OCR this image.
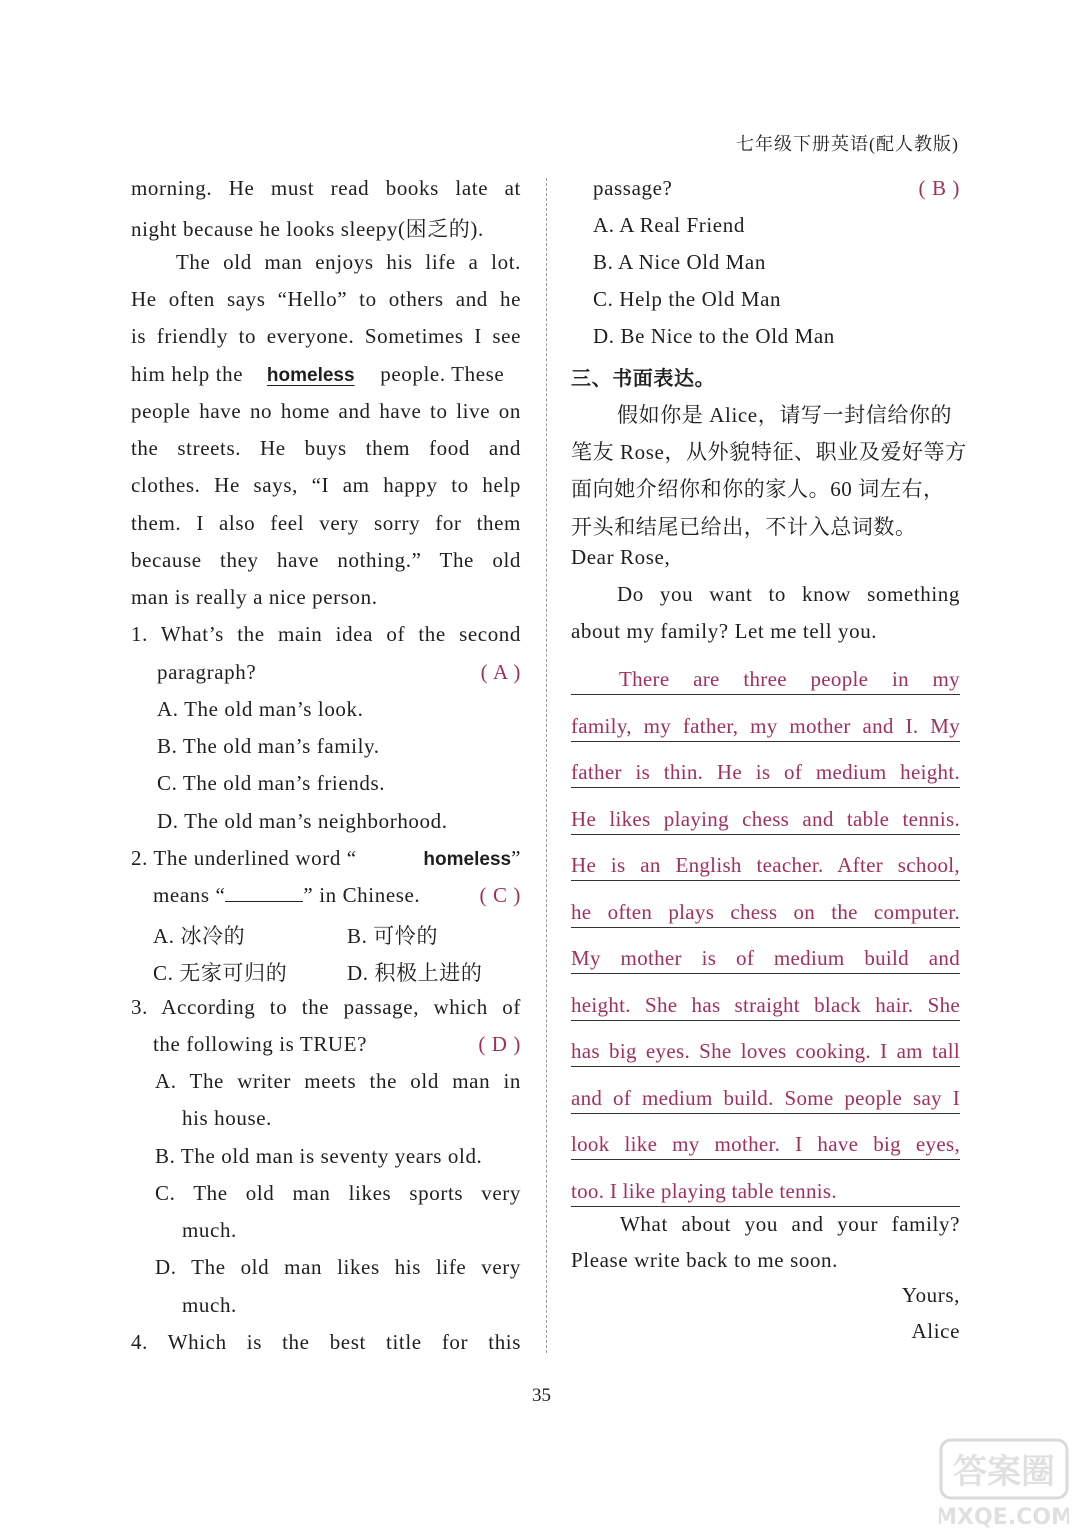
七年级下册英语(配人教版)
morning. He must read books late at
night because he looks sleepy(困乏的).
The old man enjoys his life a lot.
He often says “Hello” to others and he
is friendly to everyone. Sometimes I see
him help the homeless people. These
people have no home and have to live on
the streets. He buys them food and
clothes. He says, “I am happy to help
them. I also feel very sorry for them
because they have nothing.” The old
man is really a nice person.
1. What’s the main idea of the second
paragraph?	( A )
A. The old man’s look.
B. The old man’s family.
C. The old man’s friends.
D. The old man’s neighborhood.
2. The underlined word “	homeless”
means “	” in Chinese.	( C )
A. 冰冷的	B. 可怜的
C. 无家可归的	D. 积极上进的
3. According to the passage, which of
the following is TRUE?	( D )
A. The writer meets the old man in
his house.
B. The old man is seventy years old.
C. The old man likes sports very
much.
D. The old man likes his life very
much.
4. Which is the best title for this
passage?	( B )
A. A Real Friend
B. A Nice Old Man
C. Help the Old Man
D. Be Nice to the Old Man
三、书面表达。
假如你是 Alice，请写一封信给你的
笔友 Rose，从外貌特征、职业及爱好等方
面向她介绍你和你的家人。60 词左右，
开头和结尾已给出，不计入总词数。
Dear Rose,
Do you want to know something
about my family? Let me tell you.
There are three people in my
family, my father, my mother and I. My
father is thin. He is of medium height.
He likes playing chess and table tennis.
He is an English teacher. After school,
he often plays chess on the computer.
My mother is of medium build and
height. She has straight black hair. She
has big eyes. She loves cooking. I am tall
and of medium build. Some people say I
look like my mother. I have big eyes,
too. I like playing table tennis.
What about you and your family?
Please write back to me soon.
Yours,
Alice
35
答案圈
MXQE.COM
